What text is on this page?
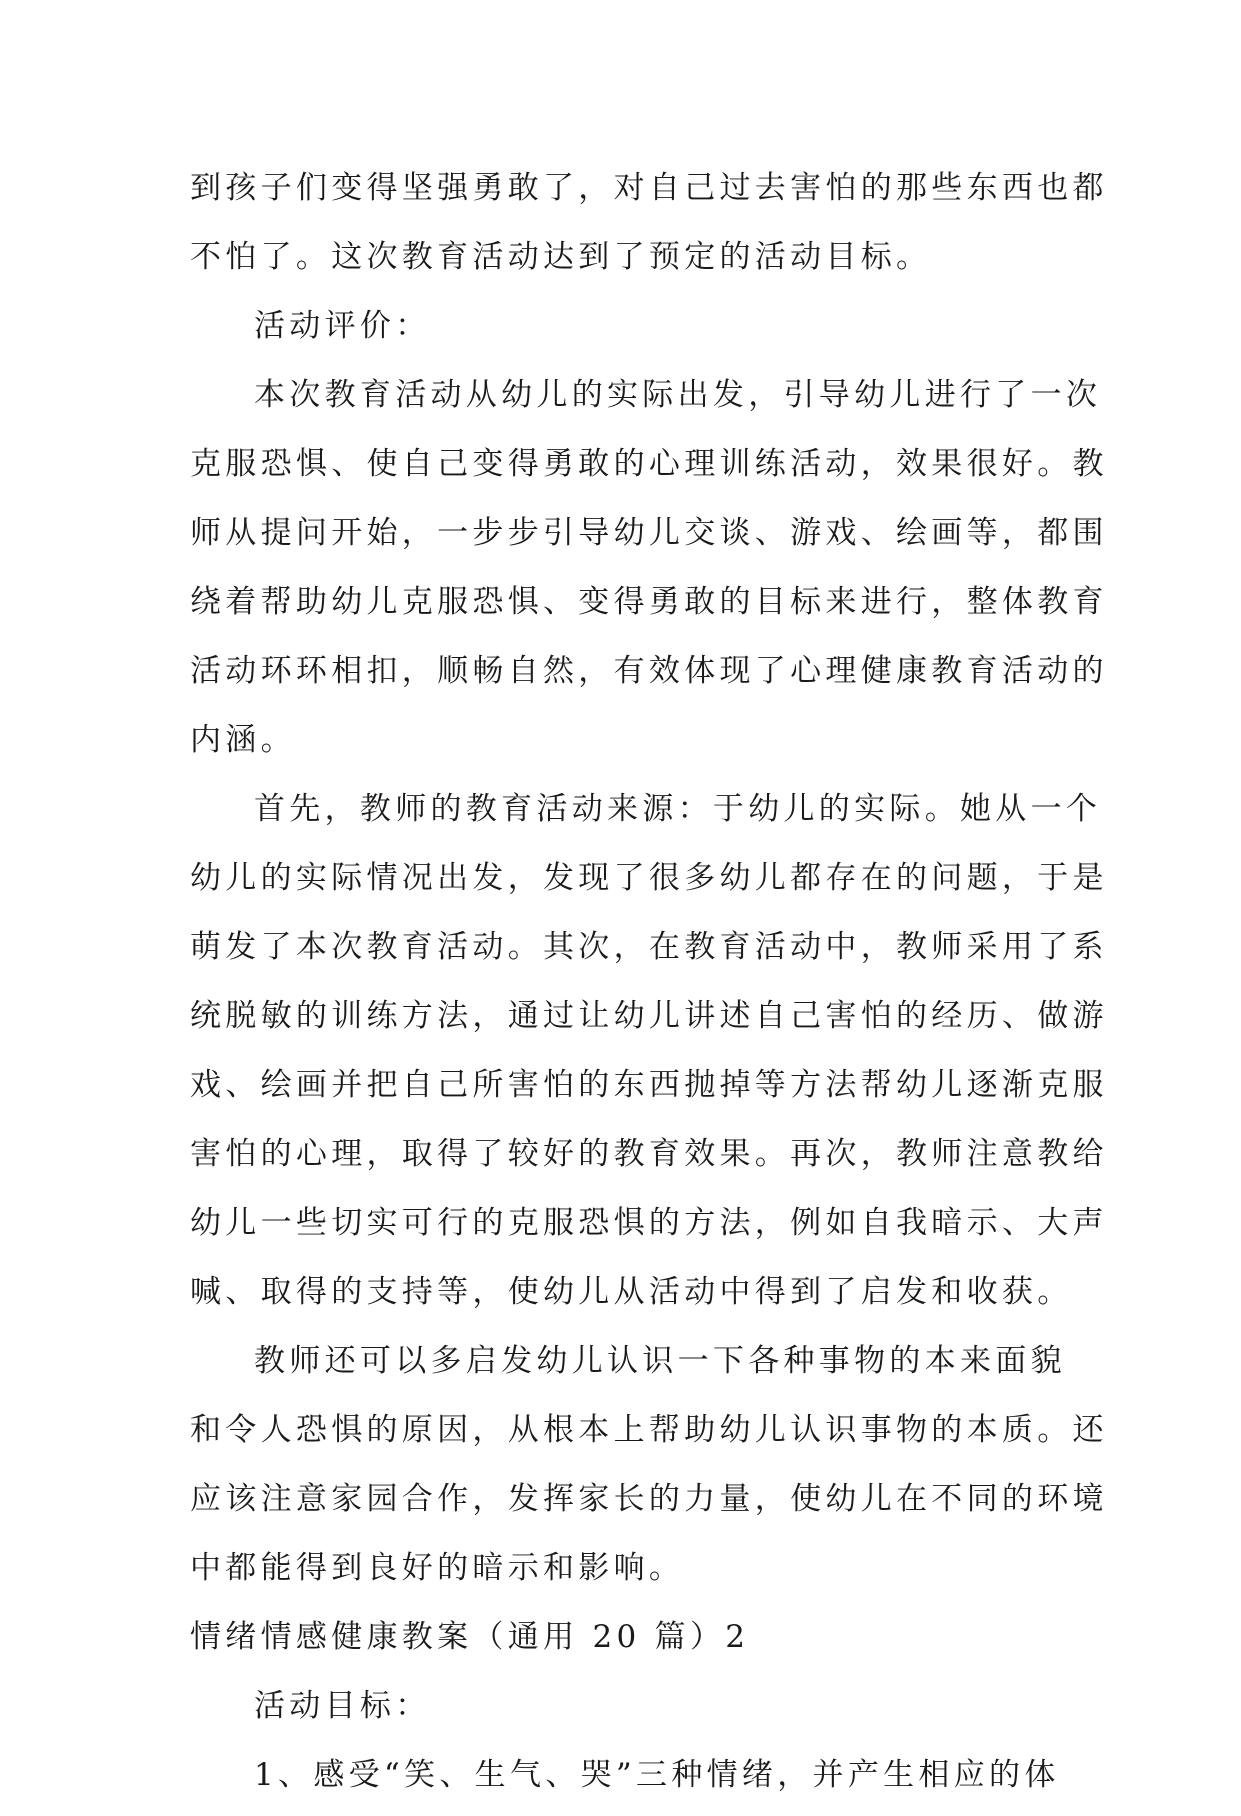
到孩子们变得坚强勇敢了，对自己过去害怕的那些东西也都
不怕了。这次教育活动达到了预定的活动目标。
活动评价：
本次教育活动从幼儿的实际出发，引导幼儿进行了一次
克服恐惧、使自己变得勇敢的心理训练活动，效果很好。教
师从提问开始，一步步引导幼儿交谈、游戏、绘画等，都围
绕着帮助幼儿克服恐惧、变得勇敢的目标来进行，整体教育
活动环环相扣，顺畅自然，有效体现了心理健康教育活动的
内涵。
首先，教师的教育活动来源：于幼儿的实际。她从一个
幼儿的实际情况出发，发现了很多幼儿都存在的问题，于是
萌发了本次教育活动。其次，在教育活动中，教师采用了系
统脱敏的训练方法，通过让幼儿讲述自己害怕的经历、做游
戏、绘画并把自己所害怕的东西抛掉等方法帮幼儿逐渐克服
害怕的心理，取得了较好的教育效果。再次，教师注意教给
幼儿一些切实可行的克服恐惧的方法，例如自我暗示、大声
喊、取得的支持等，使幼儿从活动中得到了启发和收获。
教师还可以多启发幼儿认识一下各种事物的本来面貌
和令人恐惧的原因，从根本上帮助幼儿认识事物的本质。还
应该注意家园合作，发挥家长的力量，使幼儿在不同的环境
中都能得到良好的暗示和影响。
情绪情感健康教案（通用 20 篇）2
活动目标：
1、感受“笑、生气、哭”三种情绪，并产生相应的体
